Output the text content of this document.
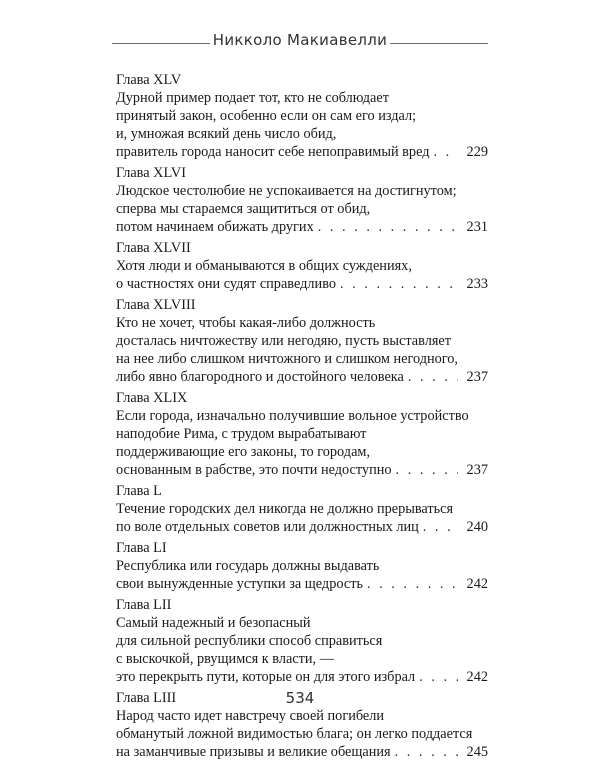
Никколо Макиавелли
Глава XLV
Дурной пример подает тот, кто не соблюдает
принятый закон, особенно если он сам его издал;
и, умножая всякий день число обид,
правитель города наносит себе непоправимый вред . . .	229
Глава XLVI
Людское честолюбие не успокаивается на достигнутом;
сперва мы стараемся защититься от обид,
потом начинаем обижать других . . .	231
Глава XLVII
Хотя люди и обманываются в общих суждениях,
о частностях они судят справедливо . . .	233
Глава XLVIII
Кто не хочет, чтобы какая-либо должность
досталась ничтожеству или негодяю, пусть выставляет
на нее либо слишком ничтожного и слишком негодного,
либо явно благородного и достойного человека . . .	237
Глава XLIX
Если города, изначально получившие вольное устройство
наподобие Рима, с трудом вырабатывают
поддерживающие его законы, то городам,
основанным в рабстве, это почти недоступно . . .	237
Глава L
Течение городских дел никогда не должно прерываться
по воле отдельных советов или должностных лиц . . .	240
Глава LI
Республика или государь должны выдавать
свои вынужденные уступки за щедрость . . .	242
Глава LII
Самый надежный и безопасный
для сильной республики способ справиться
с выскочкой, рвущимся к власти, —
это перекрыть пути, которые он для этого избрал . . .	242
Глава LIII
Народ часто идет навстречу своей погибели
обманутый ложной видимостью блага; он легко поддается
на заманчивые призывы и великие обещания . . .	245
534
